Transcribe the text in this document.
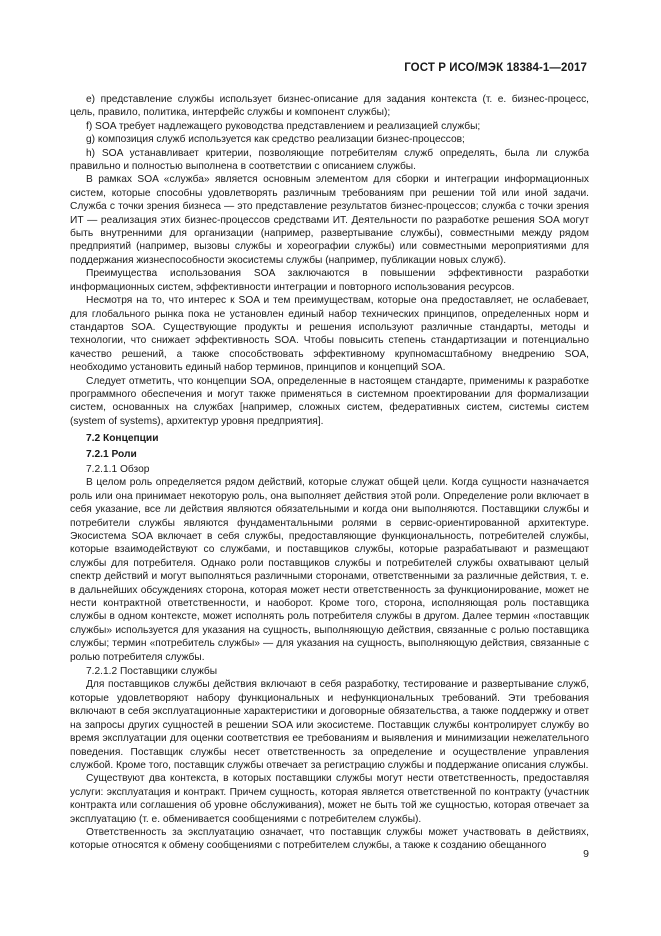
ГОСТ Р ИСО/МЭК 18384-1—2017

e) представление службы использует бизнес-описание для задания контекста (т. е. бизнес-процесс, цель, правило, политика, интерфейс службы и компонент службы);

f) SOA требует надлежащего руководства представлением и реализацией службы;

g) композиция служб используется как средство реализации бизнес-процессов;

h) SOA устанавливает критерии, позволяющие потребителям служб определять, была ли служба правильно и полностью выполнена в соответствии с описанием службы.

В рамках SOA «служба» является основным элементом для сборки и интеграции информационных систем, которые способны удовлетворять различным требованиям при решении той или иной задачи. Служба с точки зрения бизнеса — это представление результатов бизнес-процессов; служба с точки зрения ИТ — реализация этих бизнес-процессов средствами ИТ. Деятельности по разработке решения SOA могут быть внутренними для организации (например, развертывание службы), совместными между рядом предприятий (например, вызовы службы и хореографии службы) или совместными мероприятиями для поддержания жизнеспособности экосистемы службы (например, публикации новых служб).

Преимущества использования SOA заключаются в повышении эффективности разработки информационных систем, эффективности интеграции и повторного использования ресурсов.

Несмотря на то, что интерес к SOA и тем преимуществам, которые она предоставляет, не ослабевает, для глобального рынка пока не установлен единый набор технических принципов, определенных норм и стандартов SOA. Существующие продукты и решения используют различные стандарты, методы и технологии, что снижает эффективность SOA. Чтобы повысить степень стандартизации и потенциально качество решений, а также способствовать эффективному крупномасштабному внедрению SOA, необходимо установить единый набор терминов, принципов и концепций SOA.

Следует отметить, что концепции SOA, определенные в настоящем стандарте, применимы к разработке программного обеспечения и могут также применяться в системном проектировании для формализации систем, основанных на службах [например, сложных систем, федеративных систем, системы систем (system of systems), архитектур уровня предприятия].

7.2 Концепции

7.2.1 Роли

7.2.1.1 Обзор

В целом роль определяется рядом действий, которые служат общей цели. Когда сущности назначается роль или она принимает некоторую роль, она выполняет действия этой роли. Определение роли включает в себя указание, все ли действия являются обязательными и когда они выполняются. Поставщики службы и потребители службы являются фундаментальными ролями в сервис-ориентированной архитектуре. Экосистема SOA включает в себя службы, предоставляющие функциональность, потребителей службы, которые взаимодействуют со службами, и поставщиков службы, которые разрабатывают и размещают службы для потребителя. Однако роли поставщиков службы и потребителей службы охватывают целый спектр действий и могут выполняться различными сторонами, ответственными за различные действия, т. е. в дальнейших обсуждениях сторона, которая может нести ответственность за функционирование, может не нести контрактной ответственности, и наоборот. Кроме того, сторона, исполняющая роль поставщика службы в одном контексте, может исполнять роль потребителя службы в другом. Далее термин «поставщик службы» используется для указания на сущность, выполняющую действия, связанные с ролью поставщика службы; термин «потребитель службы» — для указания на сущность, выполняющую действия, связанные с ролью потребителя службы.

7.2.1.2 Поставщики службы

Для поставщиков службы действия включают в себя разработку, тестирование и развертывание служб, которые удовлетворяют набору функциональных и нефункциональных требований. Эти требования включают в себя эксплуатационные характеристики и договорные обязательства, а также поддержку и ответ на запросы других сущностей в решении SOA или экосистеме. Поставщик службы контролирует службу во время эксплуатации для оценки соответствия ее требованиям и выявления и минимизации нежелательного поведения. Поставщик службы несет ответственность за определение и осуществление управления службой. Кроме того, поставщик службы отвечает за регистрацию службы и поддержание описания службы.

Существуют два контекста, в которых поставщики службы могут нести ответственность, предоставляя услуги: эксплуатация и контракт. Причем сущность, которая является ответственной по контракту (участник контракта или соглашения об уровне обслуживания), может не быть той же сущностью, которая отвечает за эксплуатацию (т. е. обменивается сообщениями с потребителем службы).

Ответственность за эксплуатацию означает, что поставщик службы может участвовать в действиях, которые относятся к обмену сообщениями с потребителем службы, а также к созданию обещанного

9
